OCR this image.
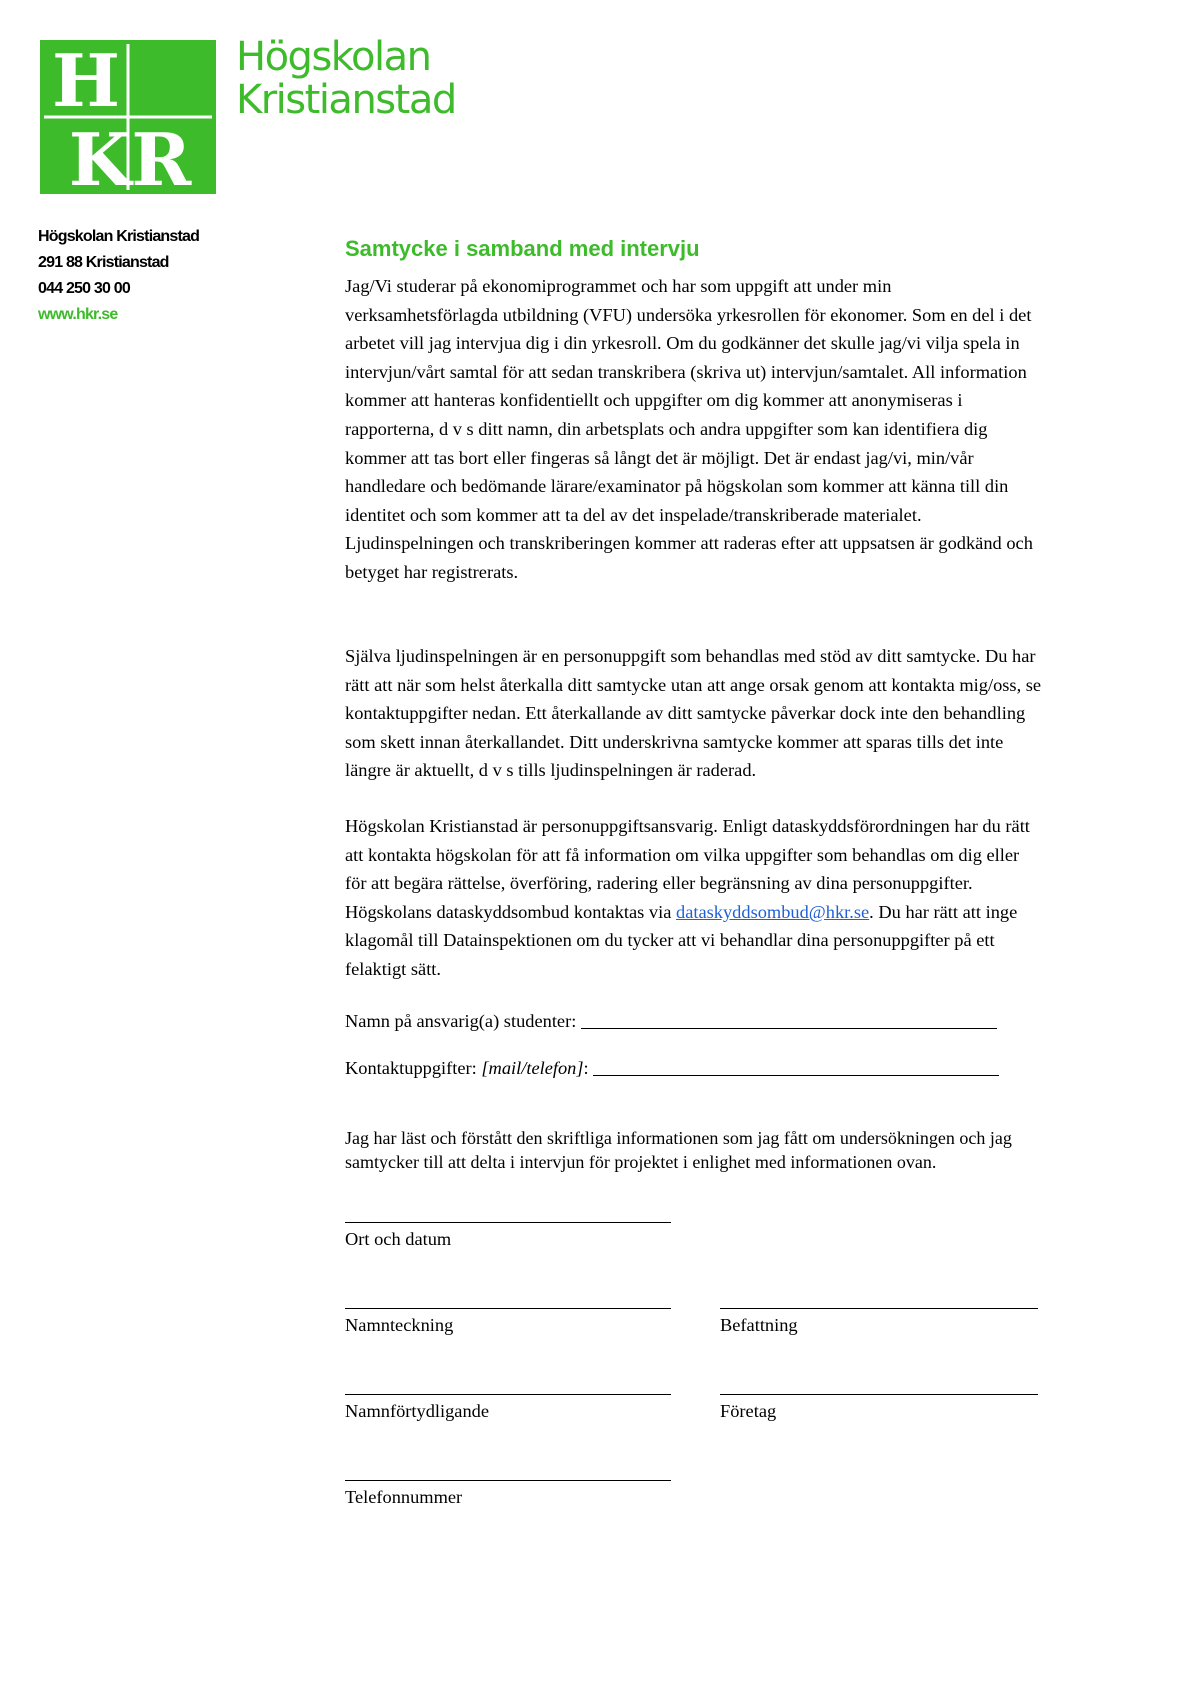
H
KR
Högskolan
Kristianstad
Högskolan Kristianstad
291 88 Kristianstad
044 250 30 00
www.hkr.se
Samtycke i samband med intervju
Jag/Vi studerar på ekonomiprogrammet och har som uppgift att under min verksamhetsförlagda utbildning (VFU) undersöka yrkesrollen för ekonomer. Som en del i det arbetet vill jag intervjua dig i din yrkesroll. Om du godkänner det skulle jag/vi vilja spela in intervjun/vårt samtal för att sedan transkribera (skriva ut) intervjun/samtalet. All information kommer att hanteras konfidentiellt och uppgifter om dig kommer att anonymiseras i rapporterna, d v s ditt namn, din arbetsplats och andra uppgifter som kan identifiera dig kommer att tas bort eller fingeras så långt det är möjligt. Det är endast jag/vi, min/vår handledare och bedömande lärare/examinator på högskolan som kommer att känna till din identitet och som kommer att ta del av det inspelade/transkriberade materialet. Ljudinspelningen och transkriberingen kommer att raderas efter att uppsatsen är godkänd och betyget har registrerats.
Själva ljudinspelningen är en personuppgift som behandlas med stöd av ditt samtycke. Du har rätt att när som helst återkalla ditt samtycke utan att ange orsak genom att kontakta mig/oss, se kontaktuppgifter nedan. Ett återkallande av ditt samtycke påverkar dock inte den behandling som skett innan återkallandet. Ditt underskrivna samtycke kommer att sparas tills det inte längre är aktuellt, d v s tills ljudinspelningen är raderad.
Högskolan Kristianstad är personuppgiftsansvarig. Enligt dataskyddsförordningen har du rätt att kontakta högskolan för att få information om vilka uppgifter som behandlas om dig eller för att begära rättelse, överföring, radering eller begränsning av dina personuppgifter. Högskolans dataskyddsombud kontaktas via dataskyddsombud@hkr.se. Du har rätt att inge klagomål till Datainspektionen om du tycker att vi behandlar dina personuppgifter på ett felaktigt sätt.
Namn på ansvarig(a) studenter:
Kontaktuppgifter: [mail/telefon]:
Jag har läst och förstått den skriftliga informationen som jag fått om undersökningen och jag samtycker till att delta i intervjun för projektet i enlighet med informationen ovan.
Ort och datum
Namnteckning	Befattning
Namnförtydligande	Företag
Telefonnummer
